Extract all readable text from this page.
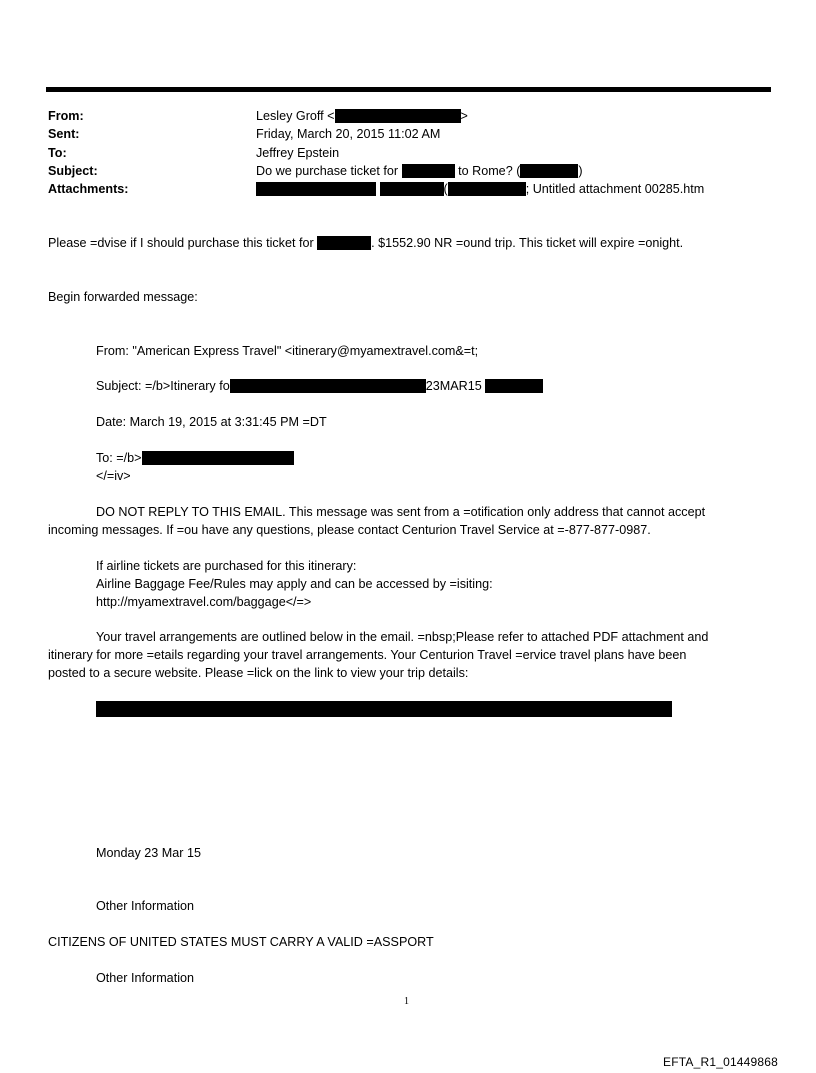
From:	Lesley Groff <	>
Sent:	Friday, March 20, 2015 11:02 AM
To:	Jeffrey Epstein
Subject:	Do we purchase ticket for	to Rome? (	)
Attachments:	(	; Untitled attachment 00285.htm
Please =dvise if I should purchase this ticket for	. $1552.90 NR =ound trip. This ticket will expire =onight.
Begin forwarded message:
From: "American Express Travel" <itinerary@myamextravel.com&=t;
Subject: =/b>Itinerary fo	23MAR15
Date: March 19, 2015 at 3:31:45 PM =DT
To: =/b>
</=iv>
DO NOT REPLY TO THIS EMAIL. This message was sent from a =otification only address that cannot accept
incoming messages. If =ou have any questions, please contact Centurion Travel Service at =-877-877-0987.
If airline tickets are purchased for this itinerary:
Airline Baggage Fee/Rules may apply and can be accessed by =isiting:
http://myamextravel.com/baggage</=>
Your travel arrangements are outlined below in the email. =nbsp;Please refer to attached PDF attachment and
itinerary for more =etails regarding your travel arrangements. Your Centurion Travel =ervice travel plans have been
posted to a secure website. Please =lick on the link to view your trip details:
Monday 23 Mar 15
Other Information
CITIZENS OF UNITED STATES MUST CARRY A VALID =ASSPORT
Other Information
1
EFTA_R1_01449868
